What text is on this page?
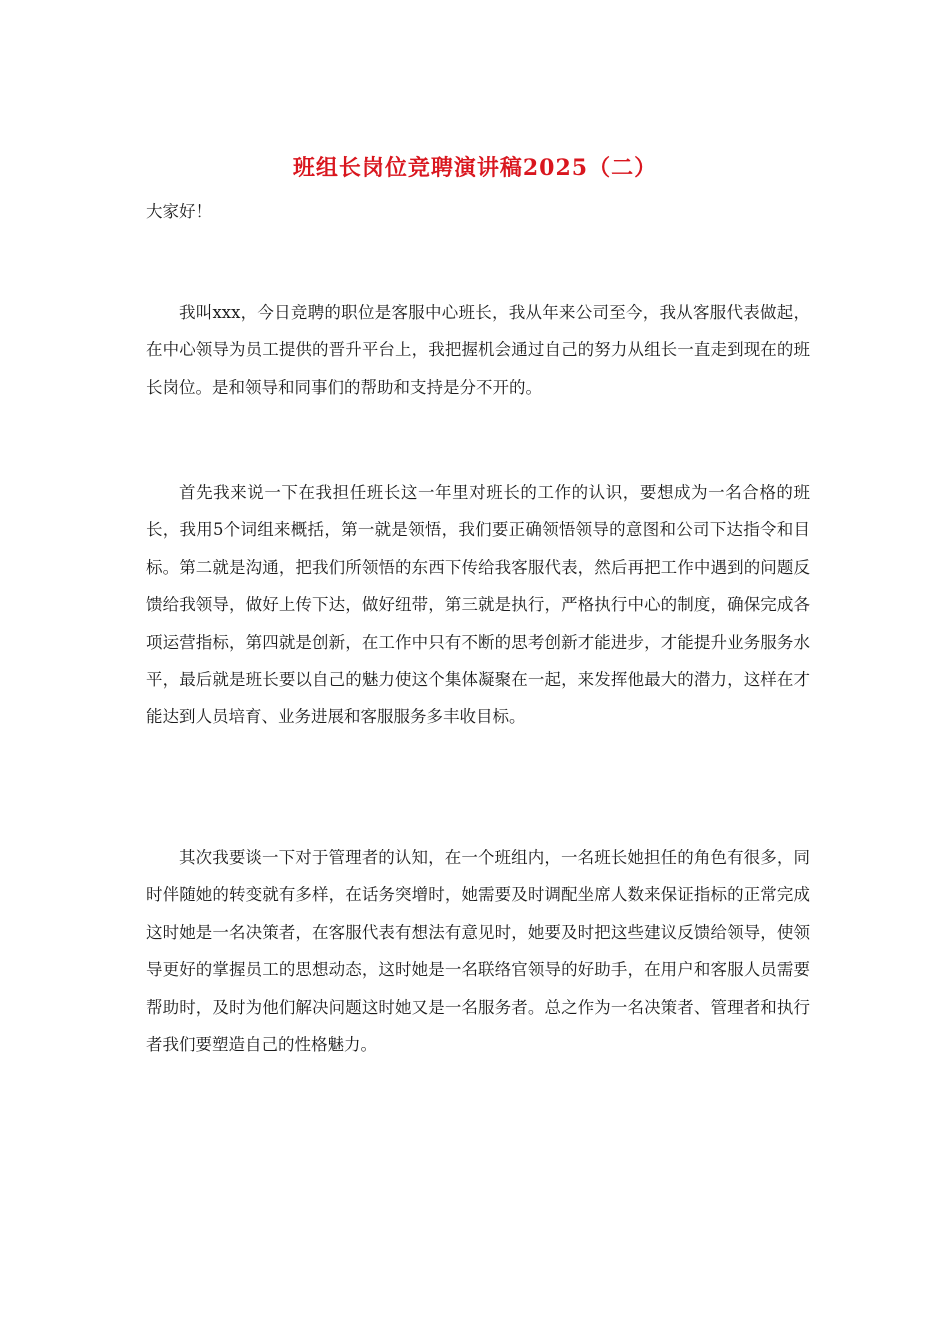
班组长岗位竞聘演讲稿2025（二）
大家好！

我叫xxx，今日竞聘的职位是客服中心班长，我从年来公司至今，我从客服代表做起，在中心领导为员工提供的晋升平台上，我把握机会通过自己的努力从组长一直走到现在的班长岗位。是和领导和同事们的帮助和支持是分不开的。

首先我来说一下在我担任班长这一年里对班长的工作的认识，要想成为一名合格的班长，我用5个词组来概括，第一就是领悟，我们要正确领悟领导的意图和公司下达指令和目标。第二就是沟通，把我们所领悟的东西下传给我客服代表，然后再把工作中遇到的问题反馈给我领导，做好上传下达，做好纽带，第三就是执行，严格执行中心的制度，确保完成各项运营指标，第四就是创新，在工作中只有不断的思考创新才能进步，才能提升业务服务水平，最后就是班长要以自己的魅力使这个集体凝聚在一起，来发挥他最大的潜力，这样在才能达到人员培育、业务进展和客服服务多丰收目标。

其次我要谈一下对于管理者的认知，在一个班组内，一名班长她担任的角色有很多，同时伴随她的转变就有多样，在话务突增时，她需要及时调配坐席人数来保证指标的正常完成这时她是一名决策者，在客服代表有想法有意见时，她要及时把这些建议反馈给领导，使领导更好的掌握员工的思想动态，这时她是一名联络官领导的好助手，在用户和客服人员需要帮助时，及时为他们解决问题这时她又是一名服务者。总之作为一名决策者、管理者和执行者我们要塑造自己的性格魅力。
